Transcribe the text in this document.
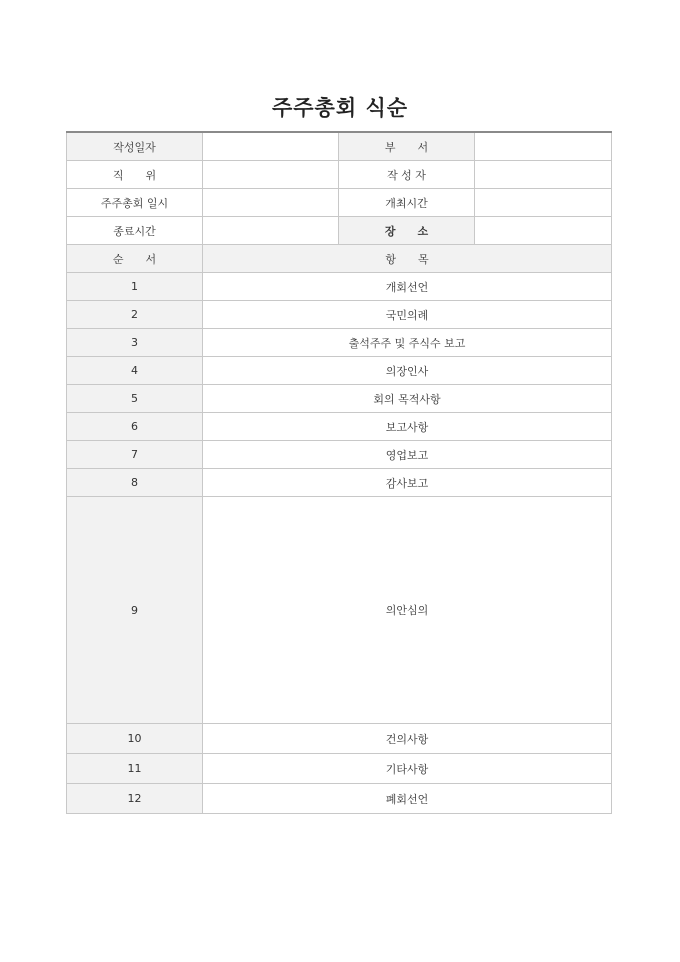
주주총회 식순
작성일자		부　　서	
직　　위		작 성 자	
주주총회 일시		개최시간	
종료시간		장　　소	
순　　서	항　　목		
1	개회선언		
2	국민의례		
3	출석주주 및 주식수 보고		
4	의장인사		
5	회의 목적사항		
6	보고사항		
7	영업보고		
8	감사보고		
9	의안심의		
10	건의사항		
11	기타사항		
12	폐회선언		
